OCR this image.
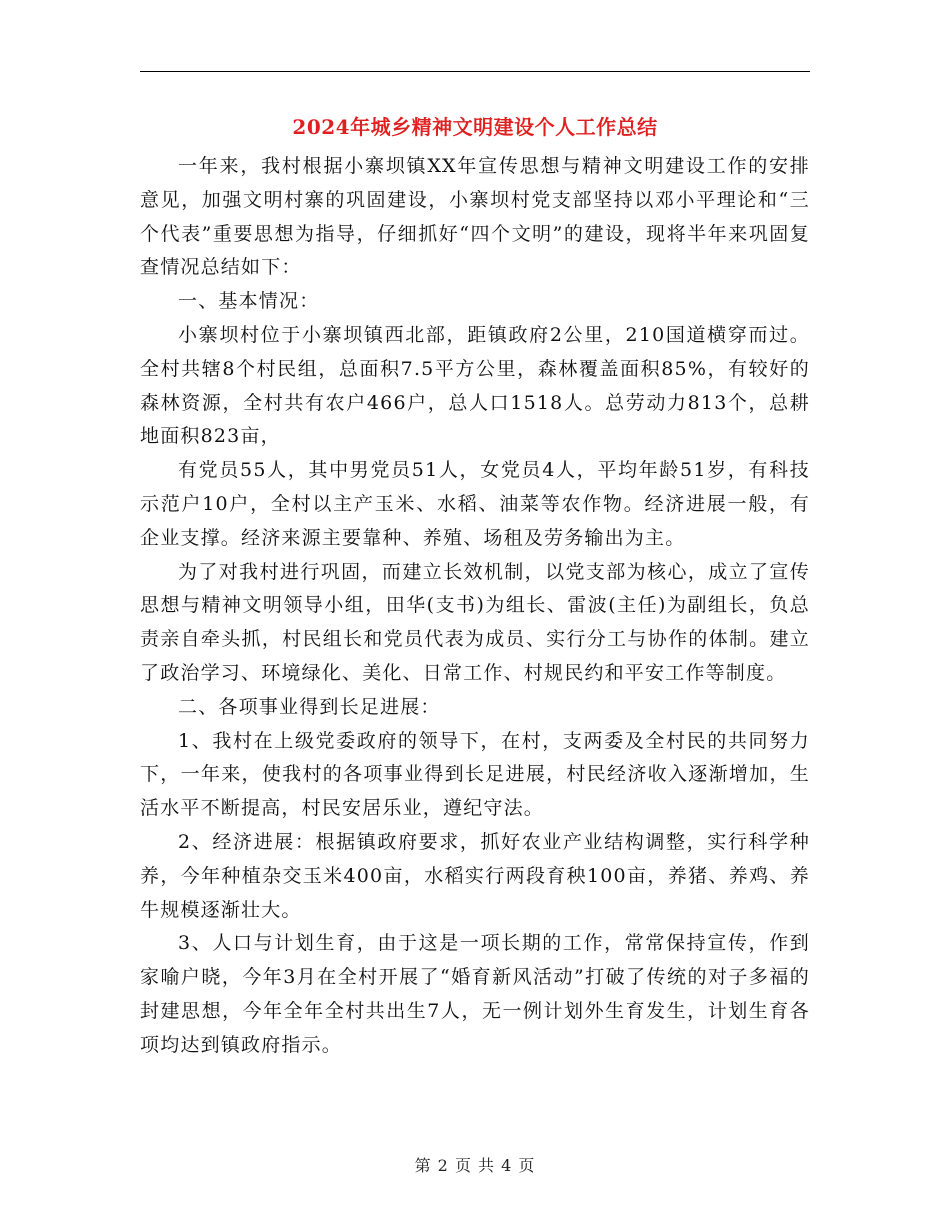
2024年城乡精神文明建设个人工作总结

一年来，我村根据小寨坝镇XX年宣传思想与精神文明建设工作的安排意见，加强文明村寨的巩固建设，小寨坝村党支部坚持以邓小平理论和“三个代表”重要思想为指导，仔细抓好“四个文明”的建设，现将半年来巩固复查情况总结如下：

一、基本情况：

小寨坝村位于小寨坝镇西北部，距镇政府2公里，210国道横穿而过。全村共辖8个村民组，总面积7.5平方公里，森林覆盖面积85%，有较好的森林资源，全村共有农户466户，总人口1518人。总劳动力813个，总耕地面积823亩，

有党员55人，其中男党员51人，女党员4人，平均年龄51岁，有科技示范户10户，全村以主产玉米、水稻、油菜等农作物。经济进展一般，有企业支撑。经济来源主要靠种、养殖、场租及劳务输出为主。

为了对我村进行巩固，而建立长效机制，以党支部为核心，成立了宣传思想与精神文明领导小组，田华(支书)为组长、雷波(主任)为副组长，负总责亲自牵头抓，村民组长和党员代表为成员、实行分工与协作的体制。建立了政治学习、环境绿化、美化、日常工作、村规民约和平安工作等制度。

二、各项事业得到长足进展：

1、我村在上级党委政府的领导下，在村，支两委及全村民的共同努力下，一年来，使我村的各项事业得到长足进展，村民经济收入逐渐增加，生活水平不断提高，村民安居乐业，遵纪守法。

2、经济进展：根据镇政府要求，抓好农业产业结构调整，实行科学种养，今年种植杂交玉米400亩，水稻实行两段育秧100亩，养猪、养鸡、养牛规模逐渐壮大。

3、人口与计划生育，由于这是一项长期的工作，常常保持宣传，作到家喻户晓，今年3月在全村开展了“婚育新风活动”打破了传统的对子多福的封建思想，今年全年全村共出生7人，无一例计划外生育发生，计划生育各项均达到镇政府指示。

第 2 页 共 4 页
